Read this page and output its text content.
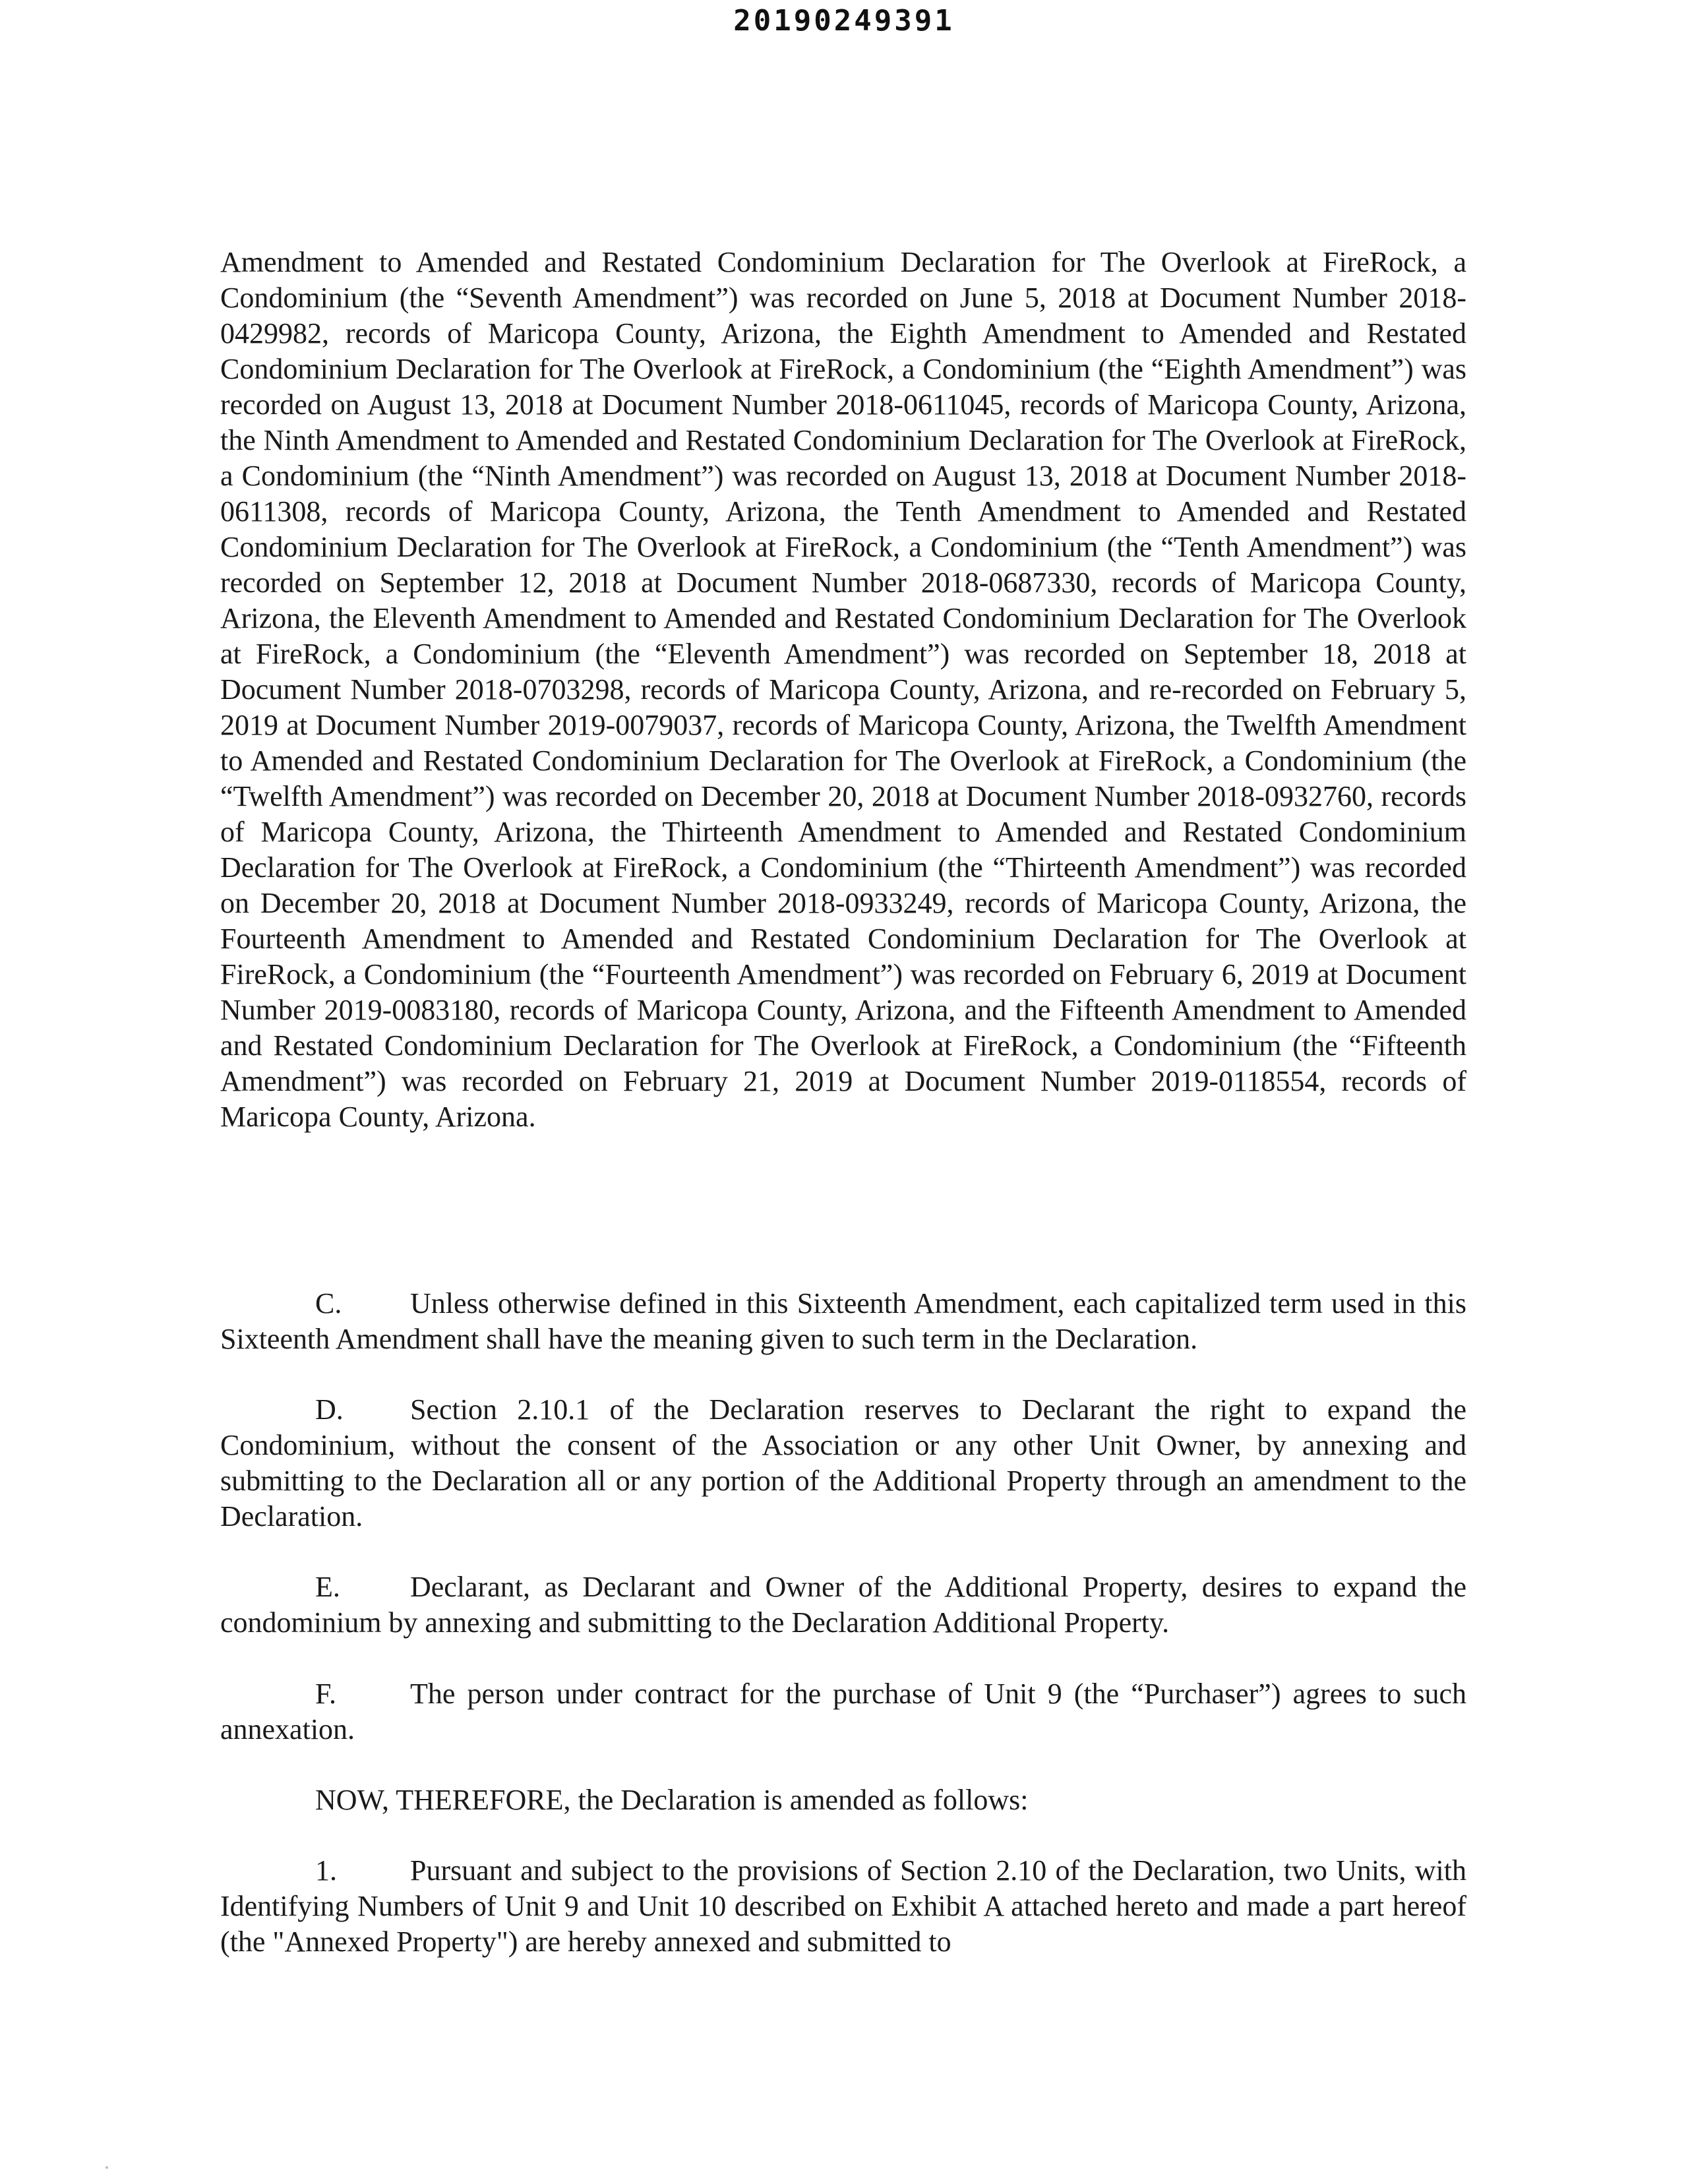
20190249391
Amendment to Amended and Restated Condominium Declaration for The Overlook at FireRock, a Condominium (the “Seventh Amendment”) was recorded on June 5, 2018 at Document Number 2018-0429982, records of Maricopa County, Arizona, the Eighth Amendment to Amended and Restated Condominium Declaration for The Overlook at FireRock, a Condominium (the “Eighth Amendment”) was recorded on August 13, 2018 at Document Number 2018-0611045, records of Maricopa County, Arizona, the Ninth Amendment to Amended and Restated Condominium Declaration for The Overlook at FireRock, a Condominium (the “Ninth Amendment”) was recorded on August 13, 2018 at Document Number 2018-0611308, records of Maricopa County, Arizona, the Tenth Amendment to Amended and Restated Condominium Declaration for The Overlook at FireRock, a Condominium (the “Tenth Amendment”) was recorded on September 12, 2018 at Document Number 2018-0687330, records of Maricopa County, Arizona, the Eleventh Amendment to Amended and Restated Condominium Declaration for The Overlook at FireRock, a Condominium (the “Eleventh Amendment”) was recorded on September 18, 2018 at Document Number 2018-0703298, records of Maricopa County, Arizona, and re-recorded on February 5, 2019 at Document Number 2019-0079037, records of Maricopa County, Arizona, the Twelfth Amendment to Amended and Restated Condominium Declaration for The Overlook at FireRock, a Condominium (the “Twelfth Amendment”) was recorded on December 20, 2018 at Document Number 2018-0932760, records of Maricopa County, Arizona, the Thirteenth Amendment to Amended and Restated Condominium Declaration for The Overlook at FireRock, a Condominium (the “Thirteenth Amendment”) was recorded on December 20, 2018 at Document Number 2018-0933249, records of Maricopa County, Arizona, the Fourteenth Amendment to Amended and Restated Condominium Declaration for The Overlook at FireRock, a Condominium (the “Fourteenth Amendment”) was recorded on February 6, 2019 at Document Number 2019-0083180, records of Maricopa County, Arizona, and the Fifteenth Amendment to Amended and Restated Condominium Declaration for The Overlook at FireRock, a Condominium (the “Fifteenth Amendment”) was recorded on February 21, 2019 at Document Number 2019-0118554, records of Maricopa County, Arizona.
C. Unless otherwise defined in this Sixteenth Amendment, each capitalized term used in this Sixteenth Amendment shall have the meaning given to such term in the Declaration.
D. Section 2.10.1 of the Declaration reserves to Declarant the right to expand the Condominium, without the consent of the Association or any other Unit Owner, by annexing and submitting to the Declaration all or any portion of the Additional Property through an amendment to the Declaration.
E. Declarant, as Declarant and Owner of the Additional Property, desires to expand the condominium by annexing and submitting to the Declaration Additional Property.
F.	The person under contract for the purchase of Unit 9 (the “Purchaser”) agrees to such annexation.
NOW, THEREFORE, the Declaration is amended as follows:
1.	Pursuant and subject to the provisions of Section 2.10 of the Declaration, two Units, with Identifying Numbers of Unit 9 and Unit 10 described on Exhibit A attached hereto and made a part hereof (the "Annexed Property") are hereby annexed and submitted to
